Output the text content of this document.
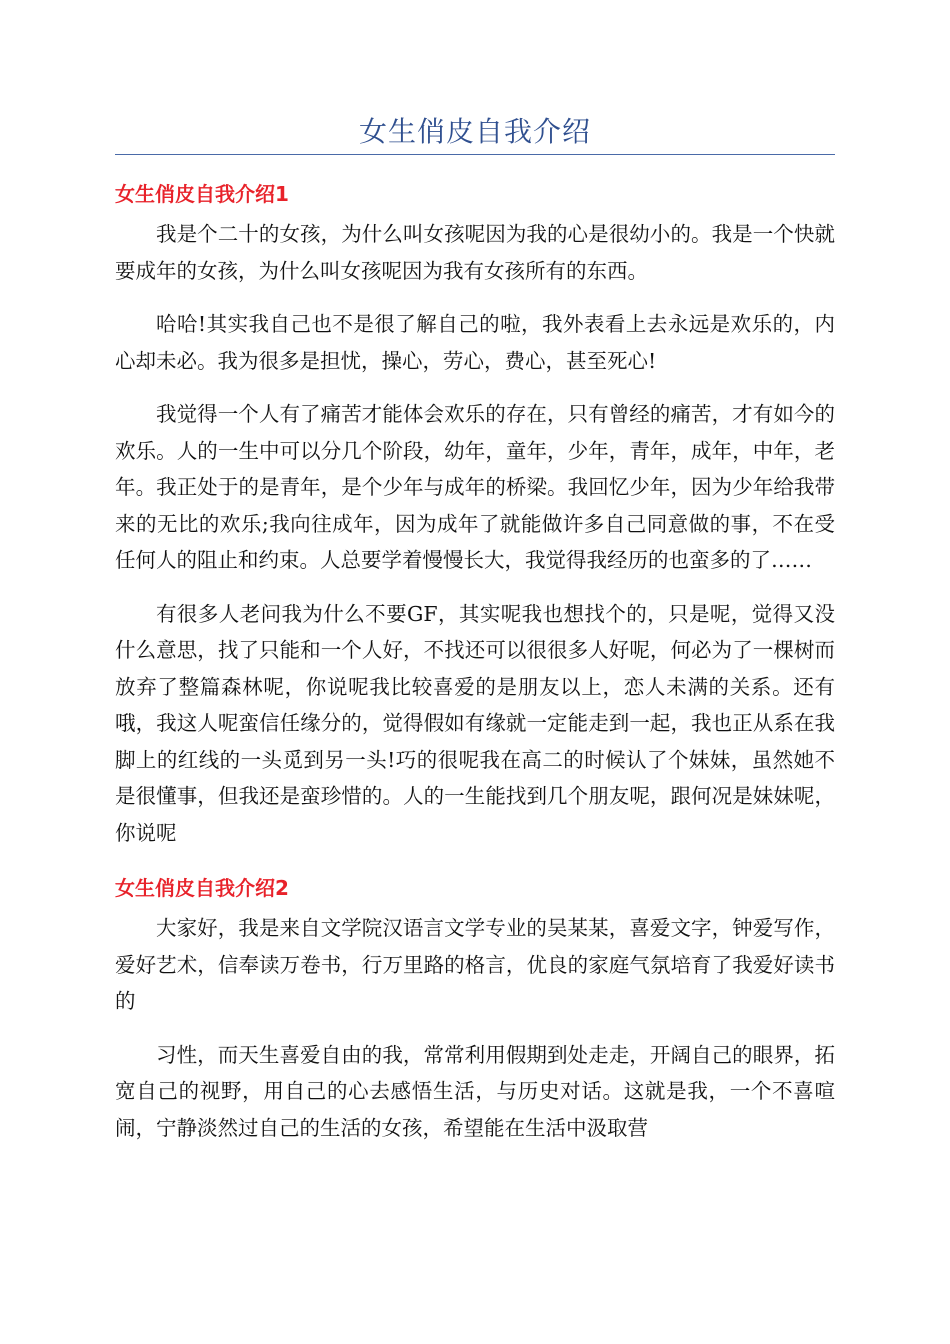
女生俏皮自我介绍
女生俏皮自我介绍1

我是个二十的女孩，为什么叫女孩呢因为我的心是很幼小的。我是一个快就要成年的女孩，为什么叫女孩呢因为我有女孩所有的东西。

哈哈!其实我自己也不是很了解自己的啦，我外表看上去永远是欢乐的，内心却未必。我为很多是担忧，操心，劳心，费心，甚至死心!

我觉得一个人有了痛苦才能体会欢乐的存在，只有曾经的痛苦，才有如今的欢乐。人的一生中可以分几个阶段，幼年，童年，少年，青年，成年，中年，老年。我正处于的是青年，是个少年与成年的桥梁。我回忆少年，因为少年给我带来的无比的欢乐;我向往成年，因为成年了就能做许多自己同意做的事，不在受任何人的阻止和约束。人总要学着慢慢长大，我觉得我经历的也蛮多的了……

有很多人老问我为什么不要GF，其实呢我也想找个的，只是呢，觉得又没什么意思，找了只能和一个人好，不找还可以很很多人好呢，何必为了一棵树而放弃了整篇森林呢，你说呢我比较喜爱的是朋友以上，恋人未满的关系。还有哦，我这人呢蛮信任缘分的，觉得假如有缘就一定能走到一起，我也正从系在我脚上的红线的一头觅到另一头!巧的很呢我在高二的时候认了个妹妹，虽然她不是很懂事，但我还是蛮珍惜的。人的一生能找到几个朋友呢，跟何况是妹妹呢，你说呢

女生俏皮自我介绍2

大家好，我是来自文学院汉语言文学专业的吴某某，喜爱文字，钟爱写作，爱好艺术，信奉读万卷书，行万里路的格言，优良的家庭气氛培育了我爱好读书的

习性，而天生喜爱自由的我，常常利用假期到处走走，开阔自己的眼界，拓宽自己的视野，用自己的心去感悟生活，与历史对话。这就是我，一个不喜喧闹，宁静淡然过自己的生活的女孩，希望能在生活中汲取营
